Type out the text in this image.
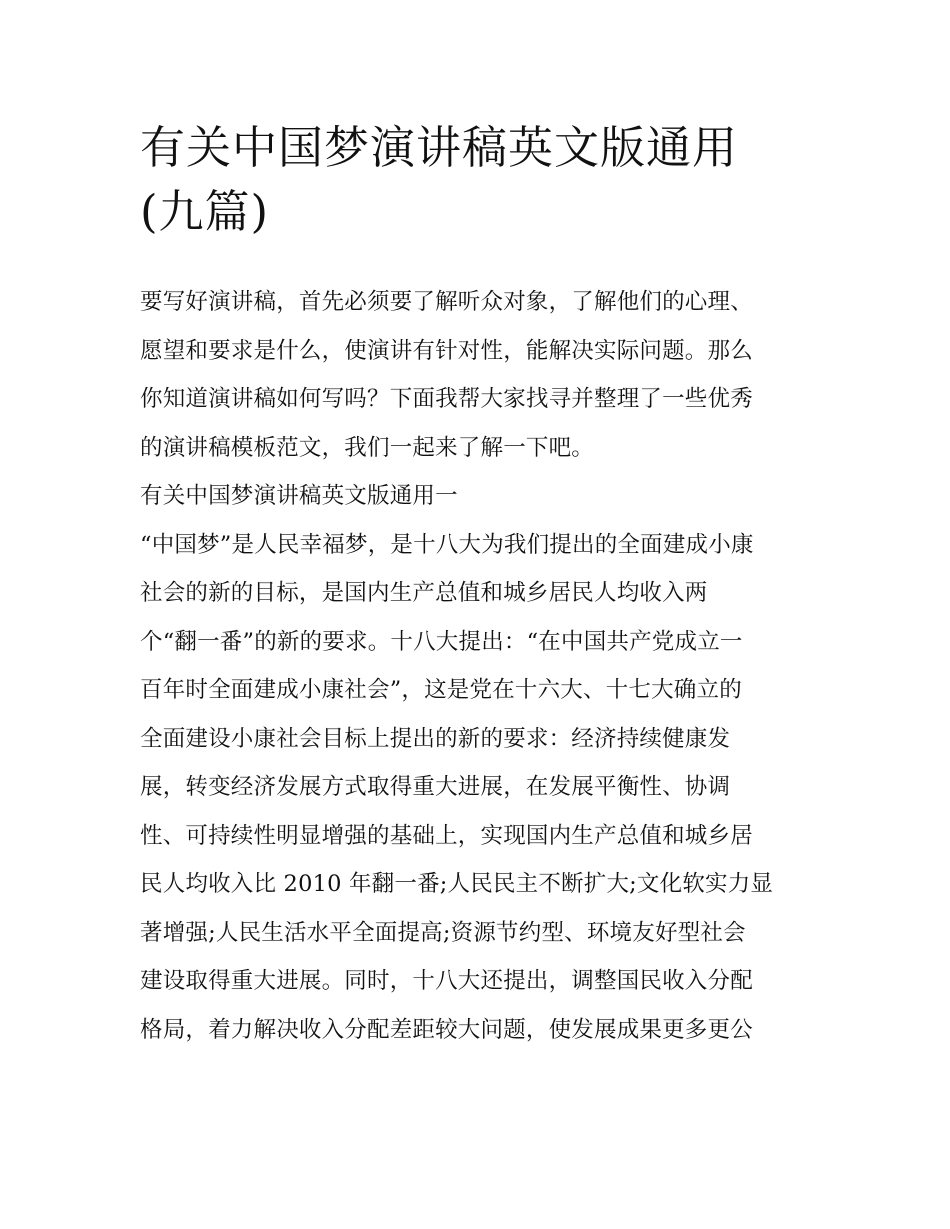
有关中国梦演讲稿英文版通用
(九篇)
要写好演讲稿，首先必须要了解听众对象，了解他们的心理、
愿望和要求是什么，使演讲有针对性，能解决实际问题。那么
你知道演讲稿如何写吗？下面我帮大家找寻并整理了一些优秀
的演讲稿模板范文，我们一起来了解一下吧。
有关中国梦演讲稿英文版通用一
“中国梦”是人民幸福梦，是十八大为我们提出的全面建成小康
社会的新的目标，是国内生产总值和城乡居民人均收入两
个“翻一番”的新的要求。十八大提出：“在中国共产党成立一
百年时全面建成小康社会”，这是党在十六大、十七大确立的
全面建设小康社会目标上提出的新的要求：经济持续健康发
展，转变经济发展方式取得重大进展，在发展平衡性、协调
性、可持续性明显增强的基础上，实现国内生产总值和城乡居
民人均收入比 2010 年翻一番;人民民主不断扩大;文化软实力显
著增强;人民生活水平全面提高;资源节约型、环境友好型社会
建设取得重大进展。同时，十八大还提出，调整国民收入分配
格局，着力解决收入分配差距较大问题，使发展成果更多更公
